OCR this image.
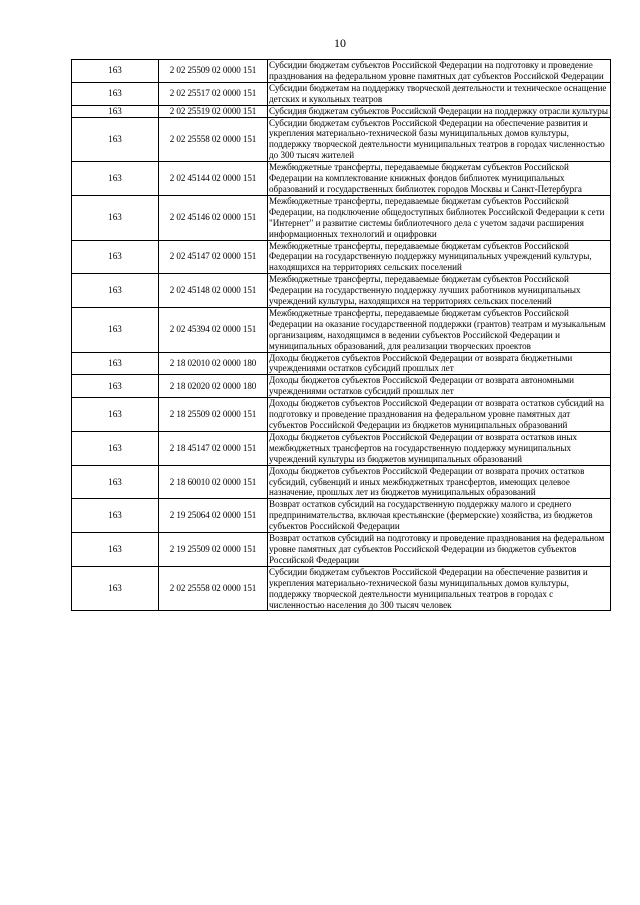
10
163	2 02 25509 02 0000 151	Субсидии бюджетам субъектов Российской Федерации на подготовку и проведение празднования на федеральном уровне памятных дат субъектов Российской Федерации
163	2 02 25517 02 0000 151	Субсидии бюджетам на поддержку творческой деятельности и техническое оснащение детских и кукольных театров
163	2 02 25519 02 0000 151	Субсидия бюджетам субъектов Российской Федерации на поддержку отрасли культуры
163	2 02 25558 02 0000 151	Субсидии бюджетам субъектов Российской Федерации на обеспечение развития и укрепления материально-технической базы муниципальных домов культуры, поддержку творческой деятельности муниципальных театров в городах численностью до 300 тысяч жителей
163	2 02 45144 02 0000 151	Межбюджетные трансферты, передаваемые бюджетам субъектов Российской Федерации на комплектование книжных фондов библиотек муниципальных образований и государственных библиотек городов Москвы и Санкт-Петербурга
163	2 02 45146 02 0000 151	Межбюджетные трансферты, передаваемые бюджетам субъектов Российской Федерации, на подключение общедоступных библиотек Российской Федерации к сети "Интернет" и развитие системы библиотечного дела с учетом задачи расширения информационных технологий и оцифровки
163	2 02 45147 02 0000 151	Межбюджетные трансферты, передаваемые бюджетам субъектов Российской Федерации на государственную поддержку муниципальных учреждений культуры, находящихся на территориях сельских поселений
163	2 02 45148 02 0000 151	Межбюджетные трансферты, передаваемые бюджетам субъектов Российской Федерации на государственную поддержку лучших работников муниципальных учреждений культуры, находящихся на территориях сельских поселений
163	2 02 45394 02 0000 151	Межбюджетные трансферты, передаваемые бюджетам субъектов Российской Федерации на оказание государственной поддержки (грантов) театрам и музыкальным организациям, находящимся в ведении субъектов Российской Федерации и муниципальных образований, для реализации творческих проектов
163	2 18 02010 02 0000 180	Доходы бюджетов субъектов Российской Федерации от возврата бюджетными учреждениями остатков субсидий прошлых лет
163	2 18 02020 02 0000 180	Доходы бюджетов субъектов Российской Федерации от возврата автономными учреждениями остатков субсидий прошлых лет
163	2 18 25509 02 0000 151	Доходы бюджетов субъектов Российской Федерации от возврата остатков субсидий на подготовку и проведение празднования на федеральном уровне памятных дат субъектов Российской Федерации из бюджетов муниципальных образований
163	2 18 45147 02 0000 151	Доходы бюджетов субъектов Российской Федерации от возврата остатков иных межбюджетных трансфертов на государственную поддержку муниципальных учреждений культуры из бюджетов муниципальных образований
163	2 18 60010 02 0000 151	Доходы бюджетов субъектов Российской Федерации от возврата прочих остатков субсидий, субвенций и иных межбюджетных трансфертов, имеющих целевое назначение, прошлых лет из бюджетов муниципальных образований
163	2 19 25064 02 0000 151	Возврат остатков субсидий на государственную поддержку малого и среднего предпринимательства, включая крестьянские (фермерские) хозяйства, из бюджетов субъектов Российской Федерации
163	2 19 25509 02 0000 151	Возврат остатков субсидий на подготовку и проведение празднования на федеральном уровне памятных дат субъектов Российской Федерации из бюджетов субъектов Российской Федерации
163	2 02 25558 02 0000 151	Субсидии бюджетам субъектов Российской Федерации на обеспечение развития и укрепления материально-технической базы муниципальных домов культуры, поддержку творческой деятельности муниципальных театров в городах с численностью населения до 300 тысяч человек
